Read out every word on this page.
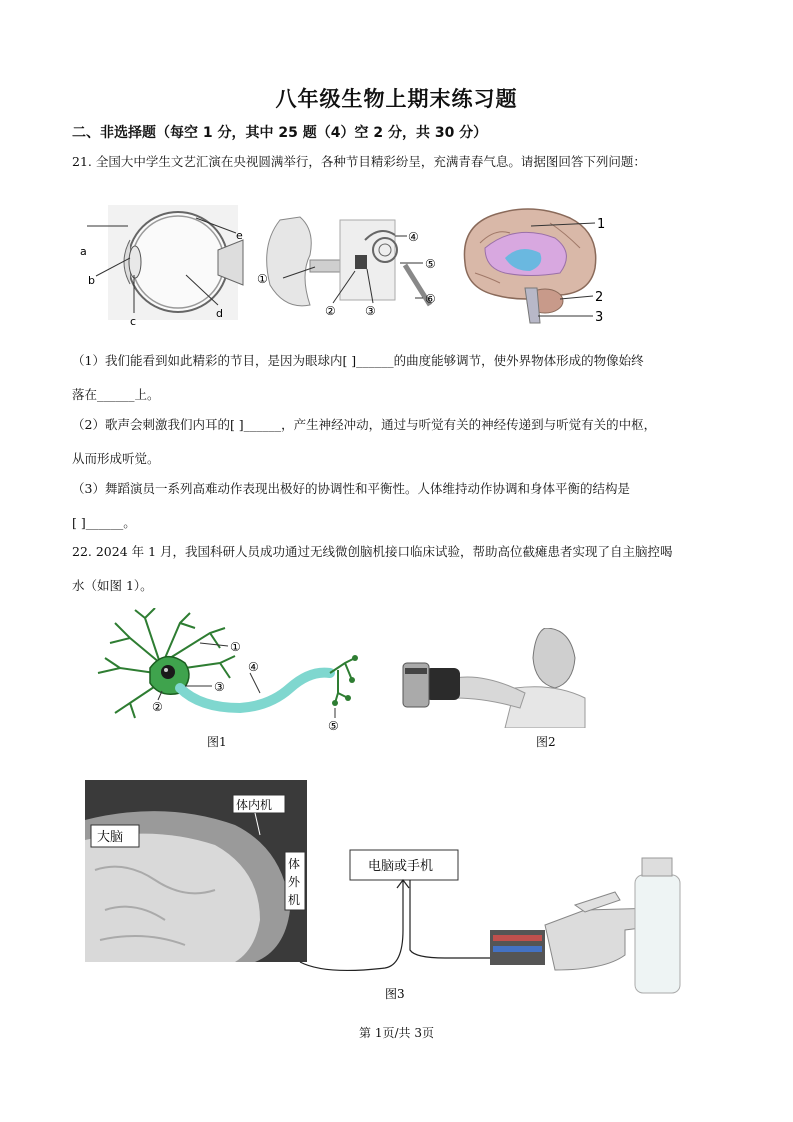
八年级生物上期末练习题
二、非选择题（每空 1 分，其中 25 题（4）空 2 分，共 30 分）
21. 全国大中学生文艺汇演在央视圆满举行，各种节目精彩纷呈，充满青春气息。请据图回答下列问题：
a
b
c
d
e
①
② ③
④
⑤
⑥
1
2
3
（1）我们能看到如此精彩的节目，是因为眼球内[ ]______的曲度能够调节，使外界物体形成的物像始终
落在______上。
（2）歌声会刺激我们内耳的[ ]______，产生神经冲动，通过与听觉有关的神经传递到与听觉有关的中枢，
从而形成听觉。
（3）舞蹈演员一系列高难动作表现出极好的协调性和平衡性。人体维持动作协调和身体平衡的结构是
[ ]______。
22. 2024 年 1 月，我国科研人员成功通过无线微创脑机接口临床试验，帮助高位截瘫患者实现了自主脑控喝
水（如图 1）。
①
②
③
④
⑤
图1	图2
体内机
大脑
体
外
机
电脑或手机
图3
第 1页/共 3页
